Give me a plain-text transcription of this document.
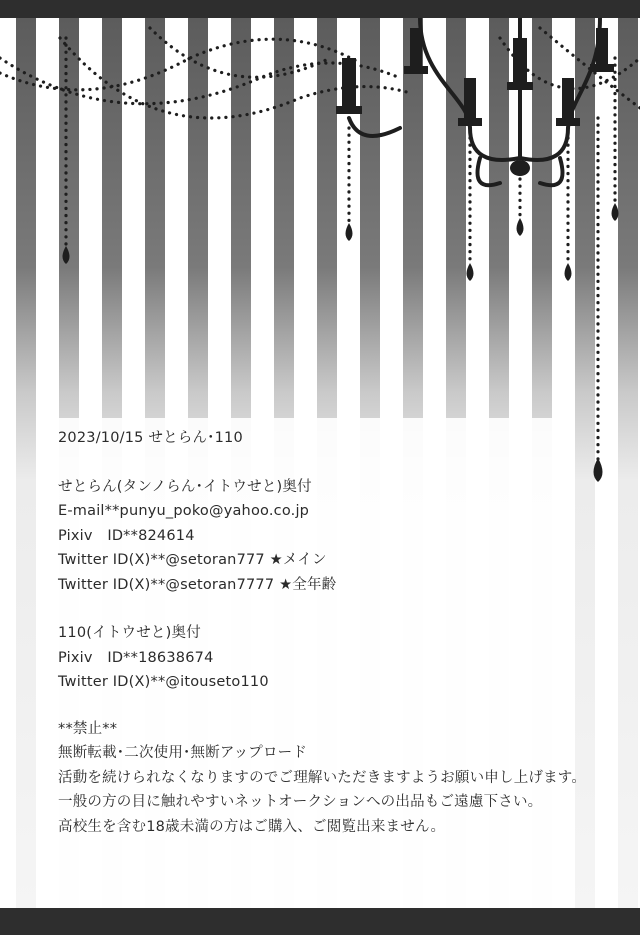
2023/10/15 せとらん･110
せとらん(タンノらん･イトウせと)奥付
E-mail**punyu_poko@yahoo.co.jp
Pixiv　ID**824614
Twitter ID(X)**@setoran777 ★メイン
Twitter ID(X)**@setoran7777 ★全年齢
110(イトウせと)奥付
Pixiv　ID**18638674
Twitter ID(X)**@itouseto110
**禁止**
無断転載･二次使用･無断アップロード
活動を続けられなくなりますのでご理解いただきますようお願い申し上げます。
一般の方の目に触れやすいネットオークションへの出品もご遠慮下さい。
高校生を含む18歳未満の方はご購入、ご閲覧出来ません。
